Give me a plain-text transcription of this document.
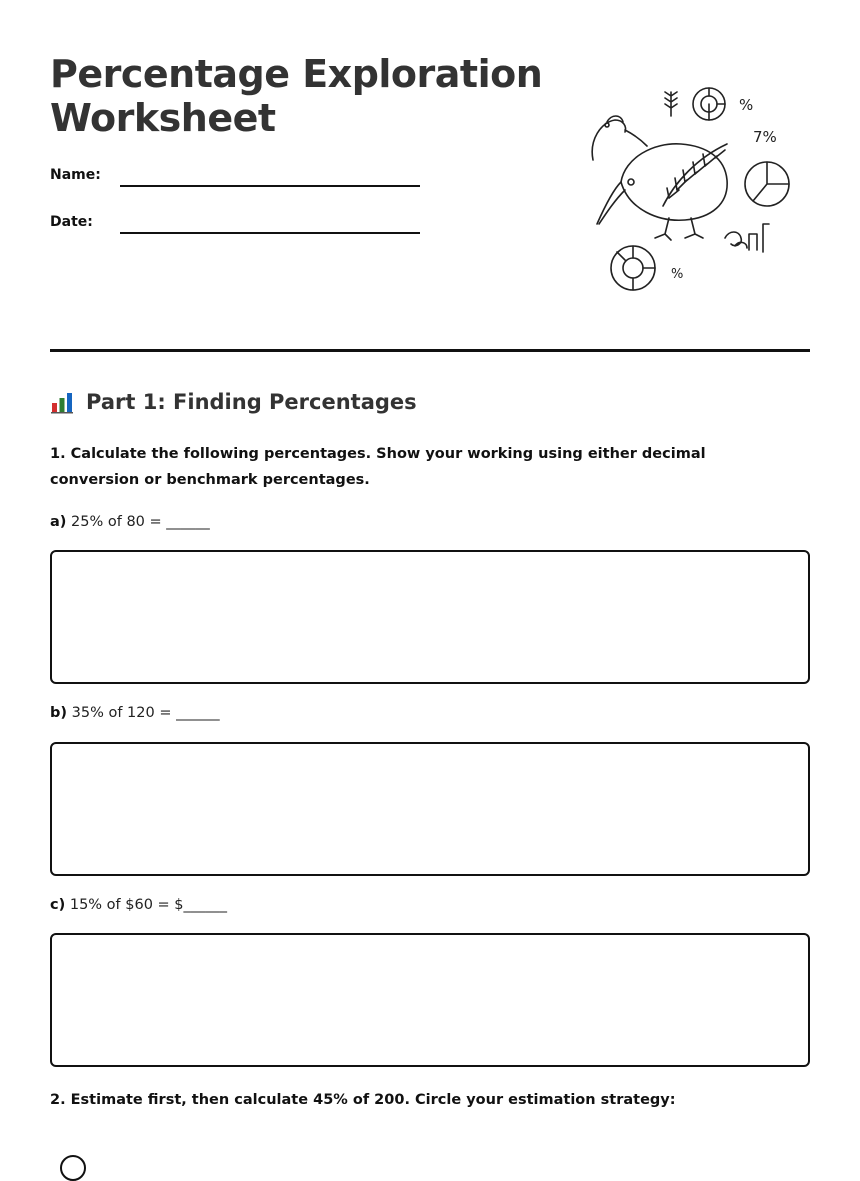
Percentage Exploration Worksheet
Name:
Date:
%
7%
%
Part 1: Finding Percentages
1. Calculate the following percentages. Show your working using either decimal conversion or benchmark percentages.
a) 25% of 80 = ______
b) 35% of 120 = ______
c) 15% of $60 = $______
2. Estimate first, then calculate 45% of 200. Circle your estimation strategy:
